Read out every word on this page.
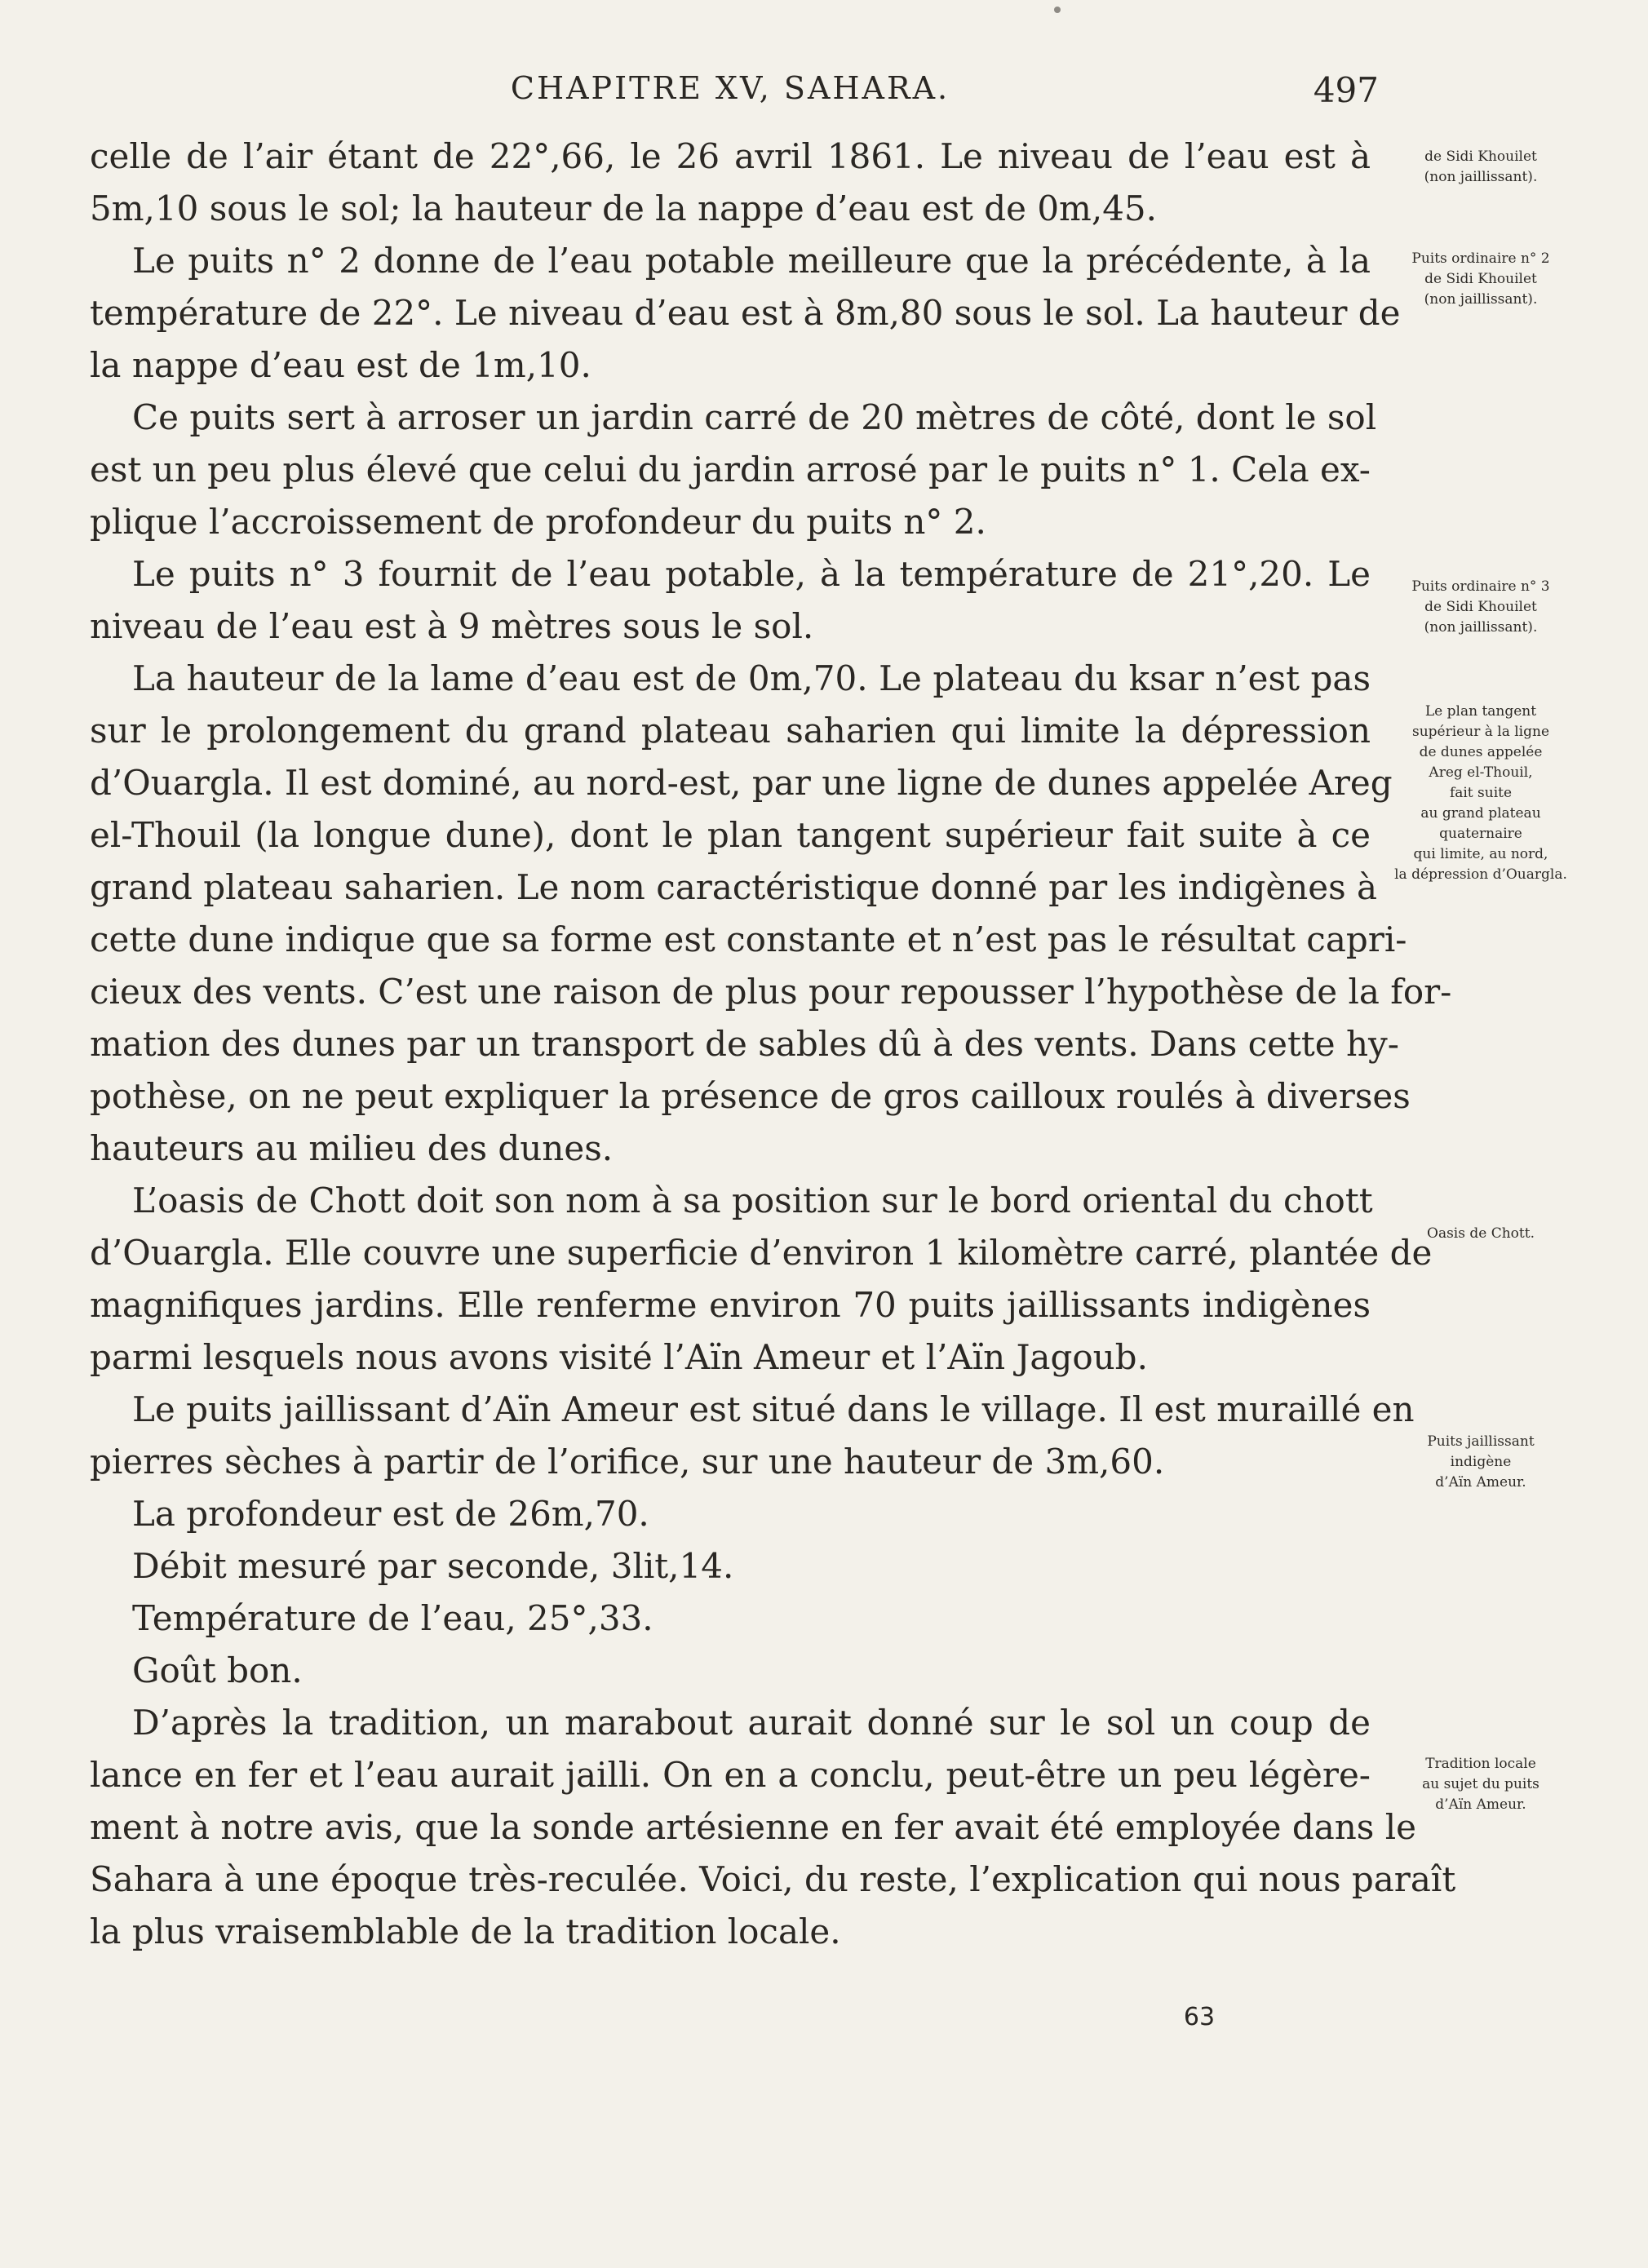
CHAPITRE XV, SAHARA.	497
celle de l’air étant de 22°,66, le 26 avril 1861. Le niveau de l’eau est à
5m,10 sous le sol; la hauteur de la nappe d’eau est de 0m,45.
Le puits n° 2 donne de l’eau potable meilleure que la précédente, à la
température de 22°. Le niveau d’eau est à 8m,80 sous le sol. La hauteur de
la nappe d’eau est de 1m,10.
Ce puits sert à arroser un jardin carré de 20 mètres de côté, dont le sol
est un peu plus élevé que celui du jardin arrosé par le puits n° 1. Cela ex-
plique l’accroissement de profondeur du puits n° 2.
Le puits n° 3 fournit de l’eau potable, à la température de 21°,20. Le
niveau de l’eau est à 9 mètres sous le sol.
La hauteur de la lame d’eau est de 0m,70. Le plateau du ksar n’est pas
sur le prolongement du grand plateau saharien qui limite la dépression
d’Ouargla. Il est dominé, au nord-est, par une ligne de dunes appelée Areg
el-Thouil (la longue dune), dont le plan tangent supérieur fait suite à ce
grand plateau saharien. Le nom caractéristique donné par les indigènes à
cette dune indique que sa forme est constante et n’est pas le résultat capri-
cieux des vents. C’est une raison de plus pour repousser l’hypothèse de la for-
mation des dunes par un transport de sables dû à des vents. Dans cette hy-
pothèse, on ne peut expliquer la présence de gros cailloux roulés à diverses
hauteurs au milieu des dunes.
L’oasis de Chott doit son nom à sa position sur le bord oriental du chott
d’Ouargla. Elle couvre une superficie d’environ 1 kilomètre carré, plantée de
magnifiques jardins. Elle renferme environ 70 puits jaillissants indigènes
parmi lesquels nous avons visité l’Aïn Ameur et l’Aïn Jagoub.
Le puits jaillissant d’Aïn Ameur est situé dans le village. Il est muraillé en
pierres sèches à partir de l’orifice, sur une hauteur de 3m,60.
La profondeur est de 26m,70.
Débit mesuré par seconde, 3lit,14.
Température de l’eau, 25°,33.
Goût bon.
D’après la tradition, un marabout aurait donné sur le sol un coup de
lance en fer et l’eau aurait jailli. On en a conclu, peut-être un peu légère-
ment à notre avis, que la sonde artésienne en fer avait été employée dans le
Sahara à une époque très-reculée. Voici, du reste, l’explication qui nous paraît
la plus vraisemblable de la tradition locale.
de Sidi Khouilet
(non jaillissant).
Puits ordinaire n° 2
de Sidi Khouilet
(non jaillissant).
Puits ordinaire n° 3
de Sidi Khouilet
(non jaillissant).
Le plan tangent
supérieur à la ligne
de dunes appelée
Areg el-Thouil,
fait suite
au grand plateau
quaternaire
qui limite, au nord,
la dépression d’Ouargla.
Oasis de Chott.
Puits jaillissant
indigène
d’Aïn Ameur.
Tradition locale
au sujet du puits
d’Aïn Ameur.
63
